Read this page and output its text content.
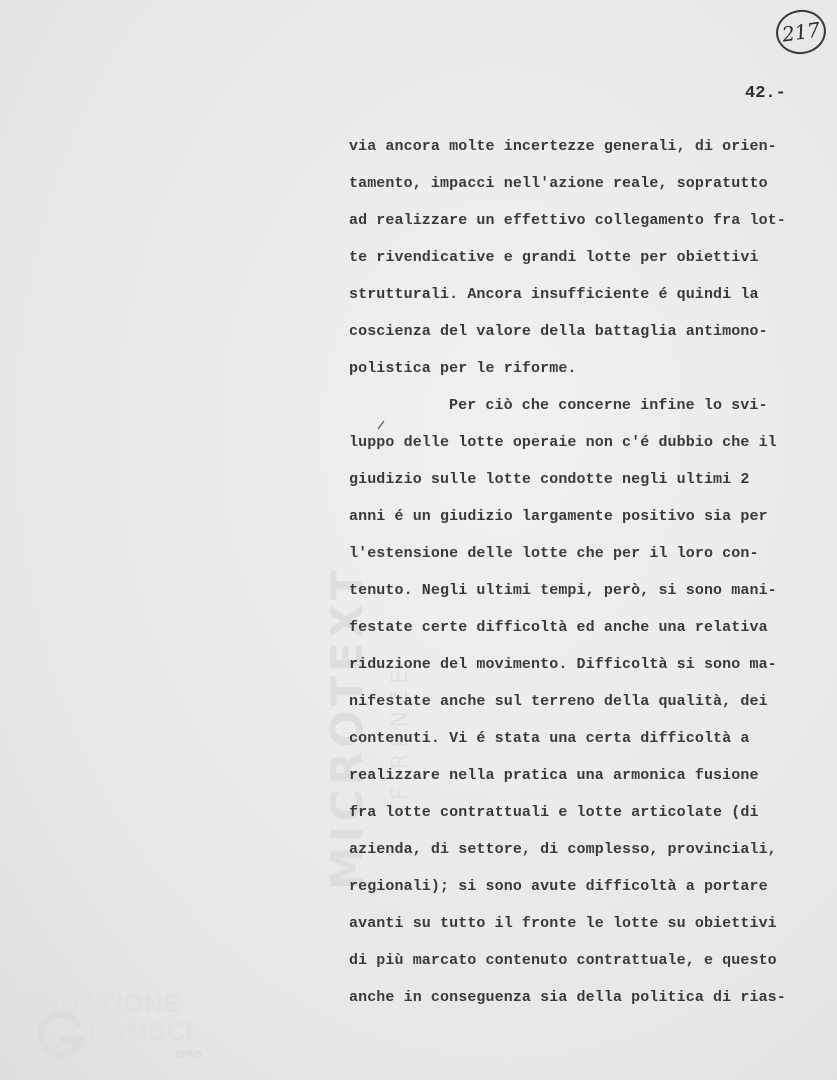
217
42.-
MICROTEXT FIRENZE
via ancora molte incertezze generali, di orien-
tamento, impacci nell'azione reale, sopratutto
ad realizzare un effettivo collegamento fra lot-
te rivendicative e grandi lotte per obiettivi
strutturali. Ancora insufficiente é quindi la
coscienza del valore della battaglia antimono-
polistica per le riforme.
Per ciò che concerne infine lo svi-
luppo delle lotte operaie non c'é dubbio che il
giudizio sulle lotte condotte negli ultimi 2
anni é un giudizio largamente positivo sia per
l'estensione delle lotte che per il loro con-
tenuto. Negli ultimi tempi, però, si sono mani-
festate certe difficoltà ed anche una relativa
riduzione del movimento. Difficoltà si sono ma-
nifestate anche sul terreno della qualità, dei
contenuti. Vi é stata una certa difficoltà a
realizzare nella pratica una armonica fusione
fra lotte contrattuali e lotte articolate (di
azienda, di settore, di complesso, provinciali,
regionali); si sono avute difficoltà a portare
avanti su tutto il fronte le lotte su obiettivi
di più marcato contenuto contrattuale, e questo
anche in conseguenza sia della politica di rias-
FONDAZIONE
RAMSCI
onlus
